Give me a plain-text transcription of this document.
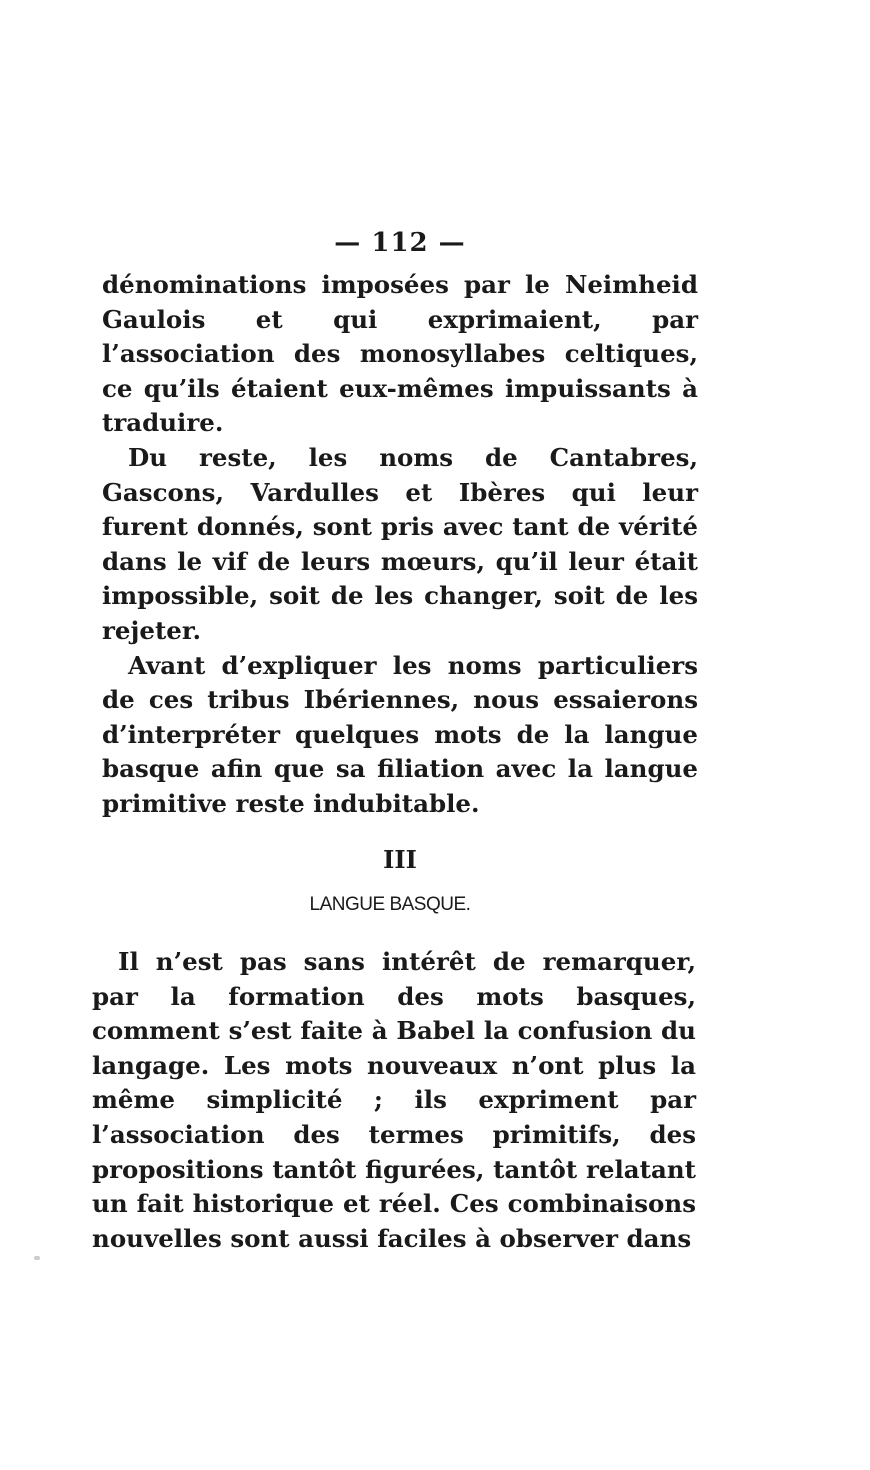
— 112 —

dénominations imposées par le Neimheid Gaulois et qui exprimaient, par l’association des monosyllabes celtiques, ce qu’ils étaient eux-mêmes impuissants à traduire.

Du reste, les noms de Cantabres, Gascons, Vardulles et Ibères qui leur furent donnés, sont pris avec tant de vérité dans le vif de leurs mœurs, qu’il leur était impossible, soit de les changer, soit de les rejeter.

Avant d’expliquer les noms particuliers de ces tribus Ibériennes, nous essaierons d’interpréter quelques mots de la langue basque afin que sa filiation avec la langue primitive reste indubitable.

III
LANGUE BASQUE.

Il n’est pas sans intérêt de remarquer, par la formation des mots basques, comment s’est faite à Babel la confusion du langage. Les mots nouveaux n’ont plus la même simplicité ; ils expriment par l’association des termes primitifs, des propositions tantôt figurées, tantôt relatant un fait historique et réel. Ces combinaisons nouvelles sont aussi faciles à observer dans
